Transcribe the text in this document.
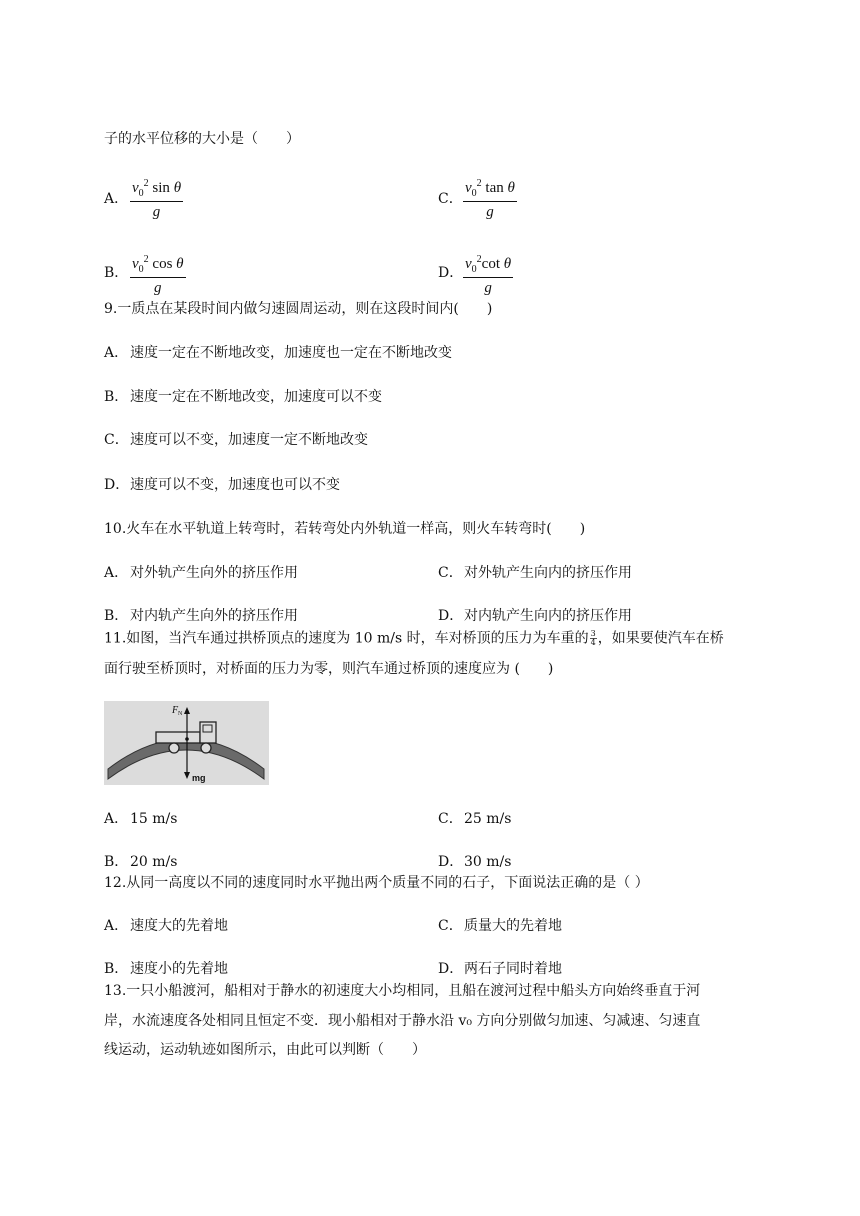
子的水平位移的大小是（　　）
A． $\frac{v_0^2 \sin \theta}{g}$	C． $\frac{v_0^2 \tan \theta}{g}$
B． $\frac{v_0^2 \cos \theta}{g}$	D． $\frac{v_0^2\cot \theta}{g}$
9.一质点在某段时间内做匀速圆周运动，则在这段时间内(　　)
A． 速度一定在不断地改变，加速度也一定在不断地改变
B． 速度一定在不断地改变，加速度可以不变
C．速度可以不变，加速度一定不断地改变
D．速度可以不变，加速度也可以不变
10.火车在水平轨道上转弯时，若转弯处内外轨道一样高，则火车转弯时(　　)
A． 对外轨产生向外的挤压作用	C．对外轨产生向内的挤压作用
B． 对内轨产生向外的挤压作用	D．对内轨产生向内的挤压作用
11.如图，当汽车通过拱桥顶点的速度为 10 m/s 时，车对桥顶的压力为车重的 $\frac{3}{4}$ ，如果要使汽车在桥
面行驶至桥顶时，对桥面的压力为零，则汽车通过桥顶的速度应为 (　　)
F N
mg
A． 15 m/s	C．25 m/s
B． 20 m/s	D．30 m/s
12.从同一高度以不同的速度同时水平抛出两个质量不同的石子，下面说法正确的是（ ）
A． 速度大的先着地	C．质量大的先着地
B． 速度小的先着地	D．两石子同时着地
13.一只小船渡河，船相对于静水的初速度大小均相同，且船在渡河过程中船头方向始终垂直于河
岸，水流速度各处相同且恒定不变．现小船相对于静水沿 v₀ 方向分别做匀加速、匀减速、匀速直
线运动，运动轨迹如图所示，由此可以判断（　　）
